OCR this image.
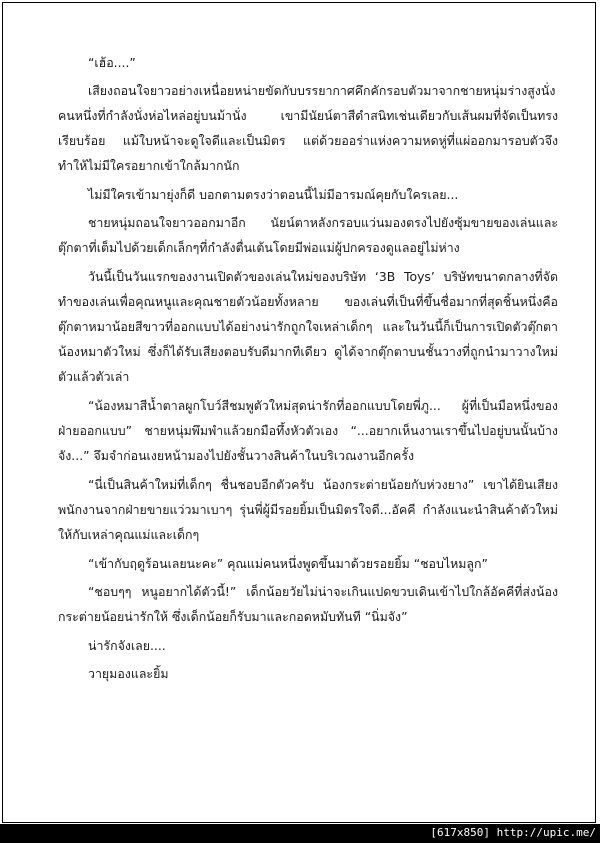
“เฮ้อ....”

เสียงถอนใจยาวอย่างเหนื่อยหน่ายขัดกับบรรยากาศคึกคักรอบตัวมาจากชายหนุ่มร่างสูงนั่งคนหนึ่งที่กำลังนั่งห่อไหล่อยู่บนม้านั่ง เขามีนัยน์ตาสีดำสนิทเช่นเดียวกับเส้นผมที่จัดเป็นทรงเรียบร้อย แม้ใบหน้าจะดูใจดีและเป็นมิตร แต่ด้วยออร่าแห่งความหดหู่ที่แผ่ออกมารอบตัวจึงทำให้ไม่มีใครอยากเข้าใกล้มากนัก

ไม่มีใครเข้ามายุ่งก็ดี บอกตามตรงว่าตอนนี้ไม่มีอารมณ์คุยกับใครเลย...

ชายหนุ่มถอนใจยาวออกมาอีก นัยน์ตาหลังกรอบแว่นมองตรงไปยังซุ้มขายของเล่นและตุ๊กตาที่เต็มไปด้วยเด็กเล็กๆที่กำลังตื่นเต้นโดยมีพ่อแม่ผู้ปกครองดูแลอยู่ไม่ห่าง

วันนี้เป็นวันแรกของงานเปิดตัวของเล่นใหม่ของบริษัท ‘3B Toys’ บริษัทขนาดกลางที่จัดทำของเล่นเพื่อคุณหนูและคุณชายตัวน้อยทั้งหลาย ของเล่นที่เป็นที่ขึ้นชื่อมากที่สุดชิ้นหนึ่งคือตุ๊กตาหมาน้อยสีขาวที่ออกแบบได้อย่างน่ารักถูกใจเหล่าเด็กๆ และในวันนี้ก็เป็นการเปิดตัวตุ๊กตาน้องหมาตัวใหม่ ซึ่งก็ได้รับเสียงตอบรับดีมากทีเดียว ดูได้จากตุ๊กตาบนชั้นวางที่ถูกนำมาวางใหม่ตัวแล้วตัวเล่า

“น้องหมาสีน้ำตาลผูกโบว์สีชมพูตัวใหม่สุดน่ารักที่ออกแบบโดยพี่ภู... ผู้ที่เป็นมือหนึ่งของฝ่ายออกแบบ” ชายหนุ่มพึมพำแล้วยกมือทึ้งหัวตัวเอง “...อยากเห็นงานเราขึ้นไปอยู่บนนั้นบ้างจัง...” จึมจำก่อนเงยหน้ามองไปยังชั้นวางสินค้าในบริเวณงานอีกครั้ง

“นี่เป็นสินค้าใหม่ที่เด็กๆ ชื่นชอบอีกตัวครับ น้องกระต่ายน้อยกับห่วงยาง” เขาได้ยินเสียงพนักงานจากฝ่ายขายแว่วมาเบาๆ รุ่นพี่ผู้มีรอยยิ้มเป็นมิตรใจดี...อัคคี กำลังแนะนำสินค้าตัวใหม่ให้กับเหล่าคุณแม่และเด็กๆ

“เข้ากับฤดูร้อนเลยนะคะ” คุณแม่คนหนึ่งพูดขึ้นมาด้วยรอยยิ้ม “ชอบไหมลูก”

“ชอบๆๆ หนูอยากได้ตัวนี้!” เด็กน้อยวัยไม่น่าจะเกินแปดขวบเดินเข้าไปใกล้อัคคีที่ส่งน้องกระต่ายน้อยน่ารักให้ ซึ่งเด็กน้อยก็รับมาและกอดหมับทันที “นิ่มจัง”

น่ารักจังเลย....

วายุมองและยิ้ม

[617x850] http://upic.me/
